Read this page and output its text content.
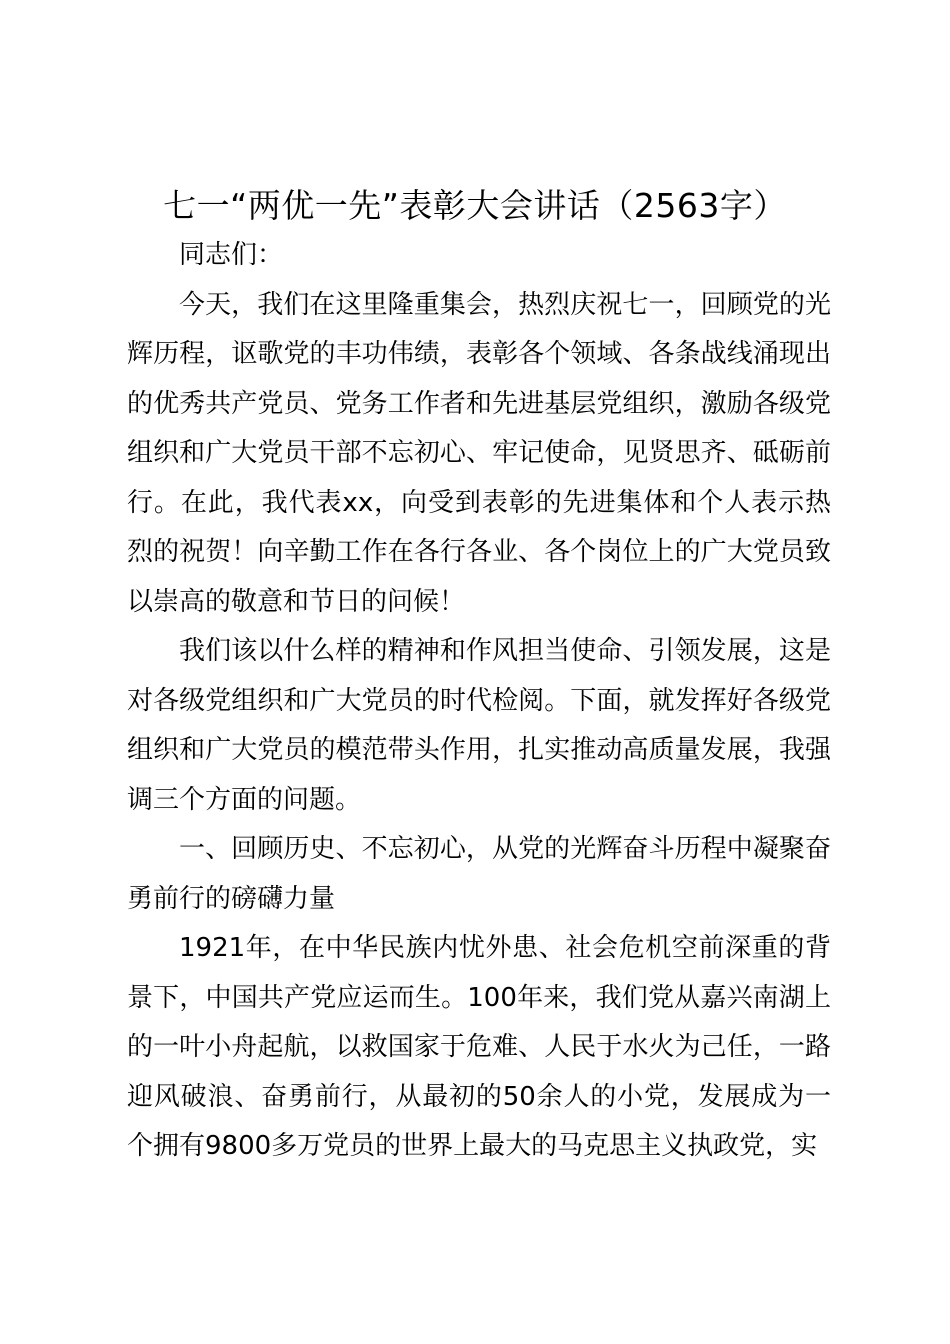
七一“两优一先”表彰大会讲话（2563字）

同志们：

今天，我们在这里隆重集会，热烈庆祝七一，回顾党的光辉历程，讴歌党的丰功伟绩，表彰各个领域、各条战线涌现出的优秀共产党员、党务工作者和先进基层党组织，激励各级党组织和广大党员干部不忘初心、牢记使命，见贤思齐、砥砺前行。在此，我代表xx，向受到表彰的先进集体和个人表示热烈的祝贺！向辛勤工作在各行各业、各个岗位上的广大党员致以崇高的敬意和节日的问候！

我们该以什么样的精神和作风担当使命、引领发展，这是对各级党组织和广大党员的时代检阅。下面，就发挥好各级党组织和广大党员的模范带头作用，扎实推动高质量发展，我强调三个方面的问题。

一、回顾历史、不忘初心，从党的光辉奋斗历程中凝聚奋勇前行的磅礴力量

1921年，在中华民族内忧外患、社会危机空前深重的背景下，中国共产党应运而生。100年来，我们党从嘉兴南湖上的一叶小舟起航，以救国家于危难、人民于水火为己任，一路迎风破浪、奋勇前行，从最初的50余人的小党，发展成为一个拥有9800多万党员的世界上最大的马克思主义执政党，实
